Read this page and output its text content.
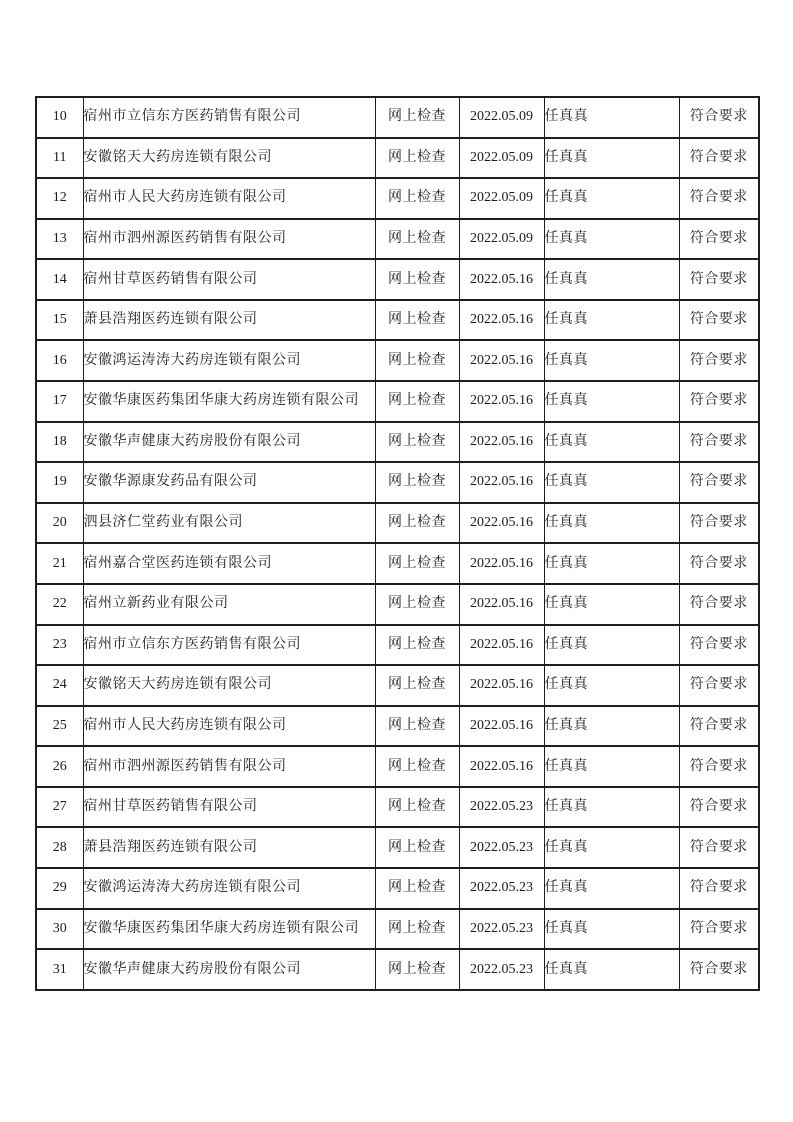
10	宿州市立信东方医药销售有限公司	网上检查	2022.05.09	任真真	符合要求
11	安徽铭天大药房连锁有限公司	网上检查	2022.05.09	任真真	符合要求
12	宿州市人民大药房连锁有限公司	网上检查	2022.05.09	任真真	符合要求
13	宿州市泗州源医药销售有限公司	网上检查	2022.05.09	任真真	符合要求
14	宿州甘草医药销售有限公司	网上检查	2022.05.16	任真真	符合要求
15	萧县浩翔医药连锁有限公司	网上检查	2022.05.16	任真真	符合要求
16	安徽鸿运涛涛大药房连锁有限公司	网上检查	2022.05.16	任真真	符合要求
17	安徽华康医药集团华康大药房连锁有限公司	网上检查	2022.05.16	任真真	符合要求
18	安徽华声健康大药房股份有限公司	网上检查	2022.05.16	任真真	符合要求
19	安徽华源康发药品有限公司	网上检查	2022.05.16	任真真	符合要求
20	泗县济仁堂药业有限公司	网上检查	2022.05.16	任真真	符合要求
21	宿州嘉合堂医药连锁有限公司	网上检查	2022.05.16	任真真	符合要求
22	宿州立新药业有限公司	网上检查	2022.05.16	任真真	符合要求
23	宿州市立信东方医药销售有限公司	网上检查	2022.05.16	任真真	符合要求
24	安徽铭天大药房连锁有限公司	网上检查	2022.05.16	任真真	符合要求
25	宿州市人民大药房连锁有限公司	网上检查	2022.05.16	任真真	符合要求
26	宿州市泗州源医药销售有限公司	网上检查	2022.05.16	任真真	符合要求
27	宿州甘草医药销售有限公司	网上检查	2022.05.23	任真真	符合要求
28	萧县浩翔医药连锁有限公司	网上检查	2022.05.23	任真真	符合要求
29	安徽鸿运涛涛大药房连锁有限公司	网上检查	2022.05.23	任真真	符合要求
30	安徽华康医药集团华康大药房连锁有限公司	网上检查	2022.05.23	任真真	符合要求
31	安徽华声健康大药房股份有限公司	网上检查	2022.05.23	任真真	符合要求
